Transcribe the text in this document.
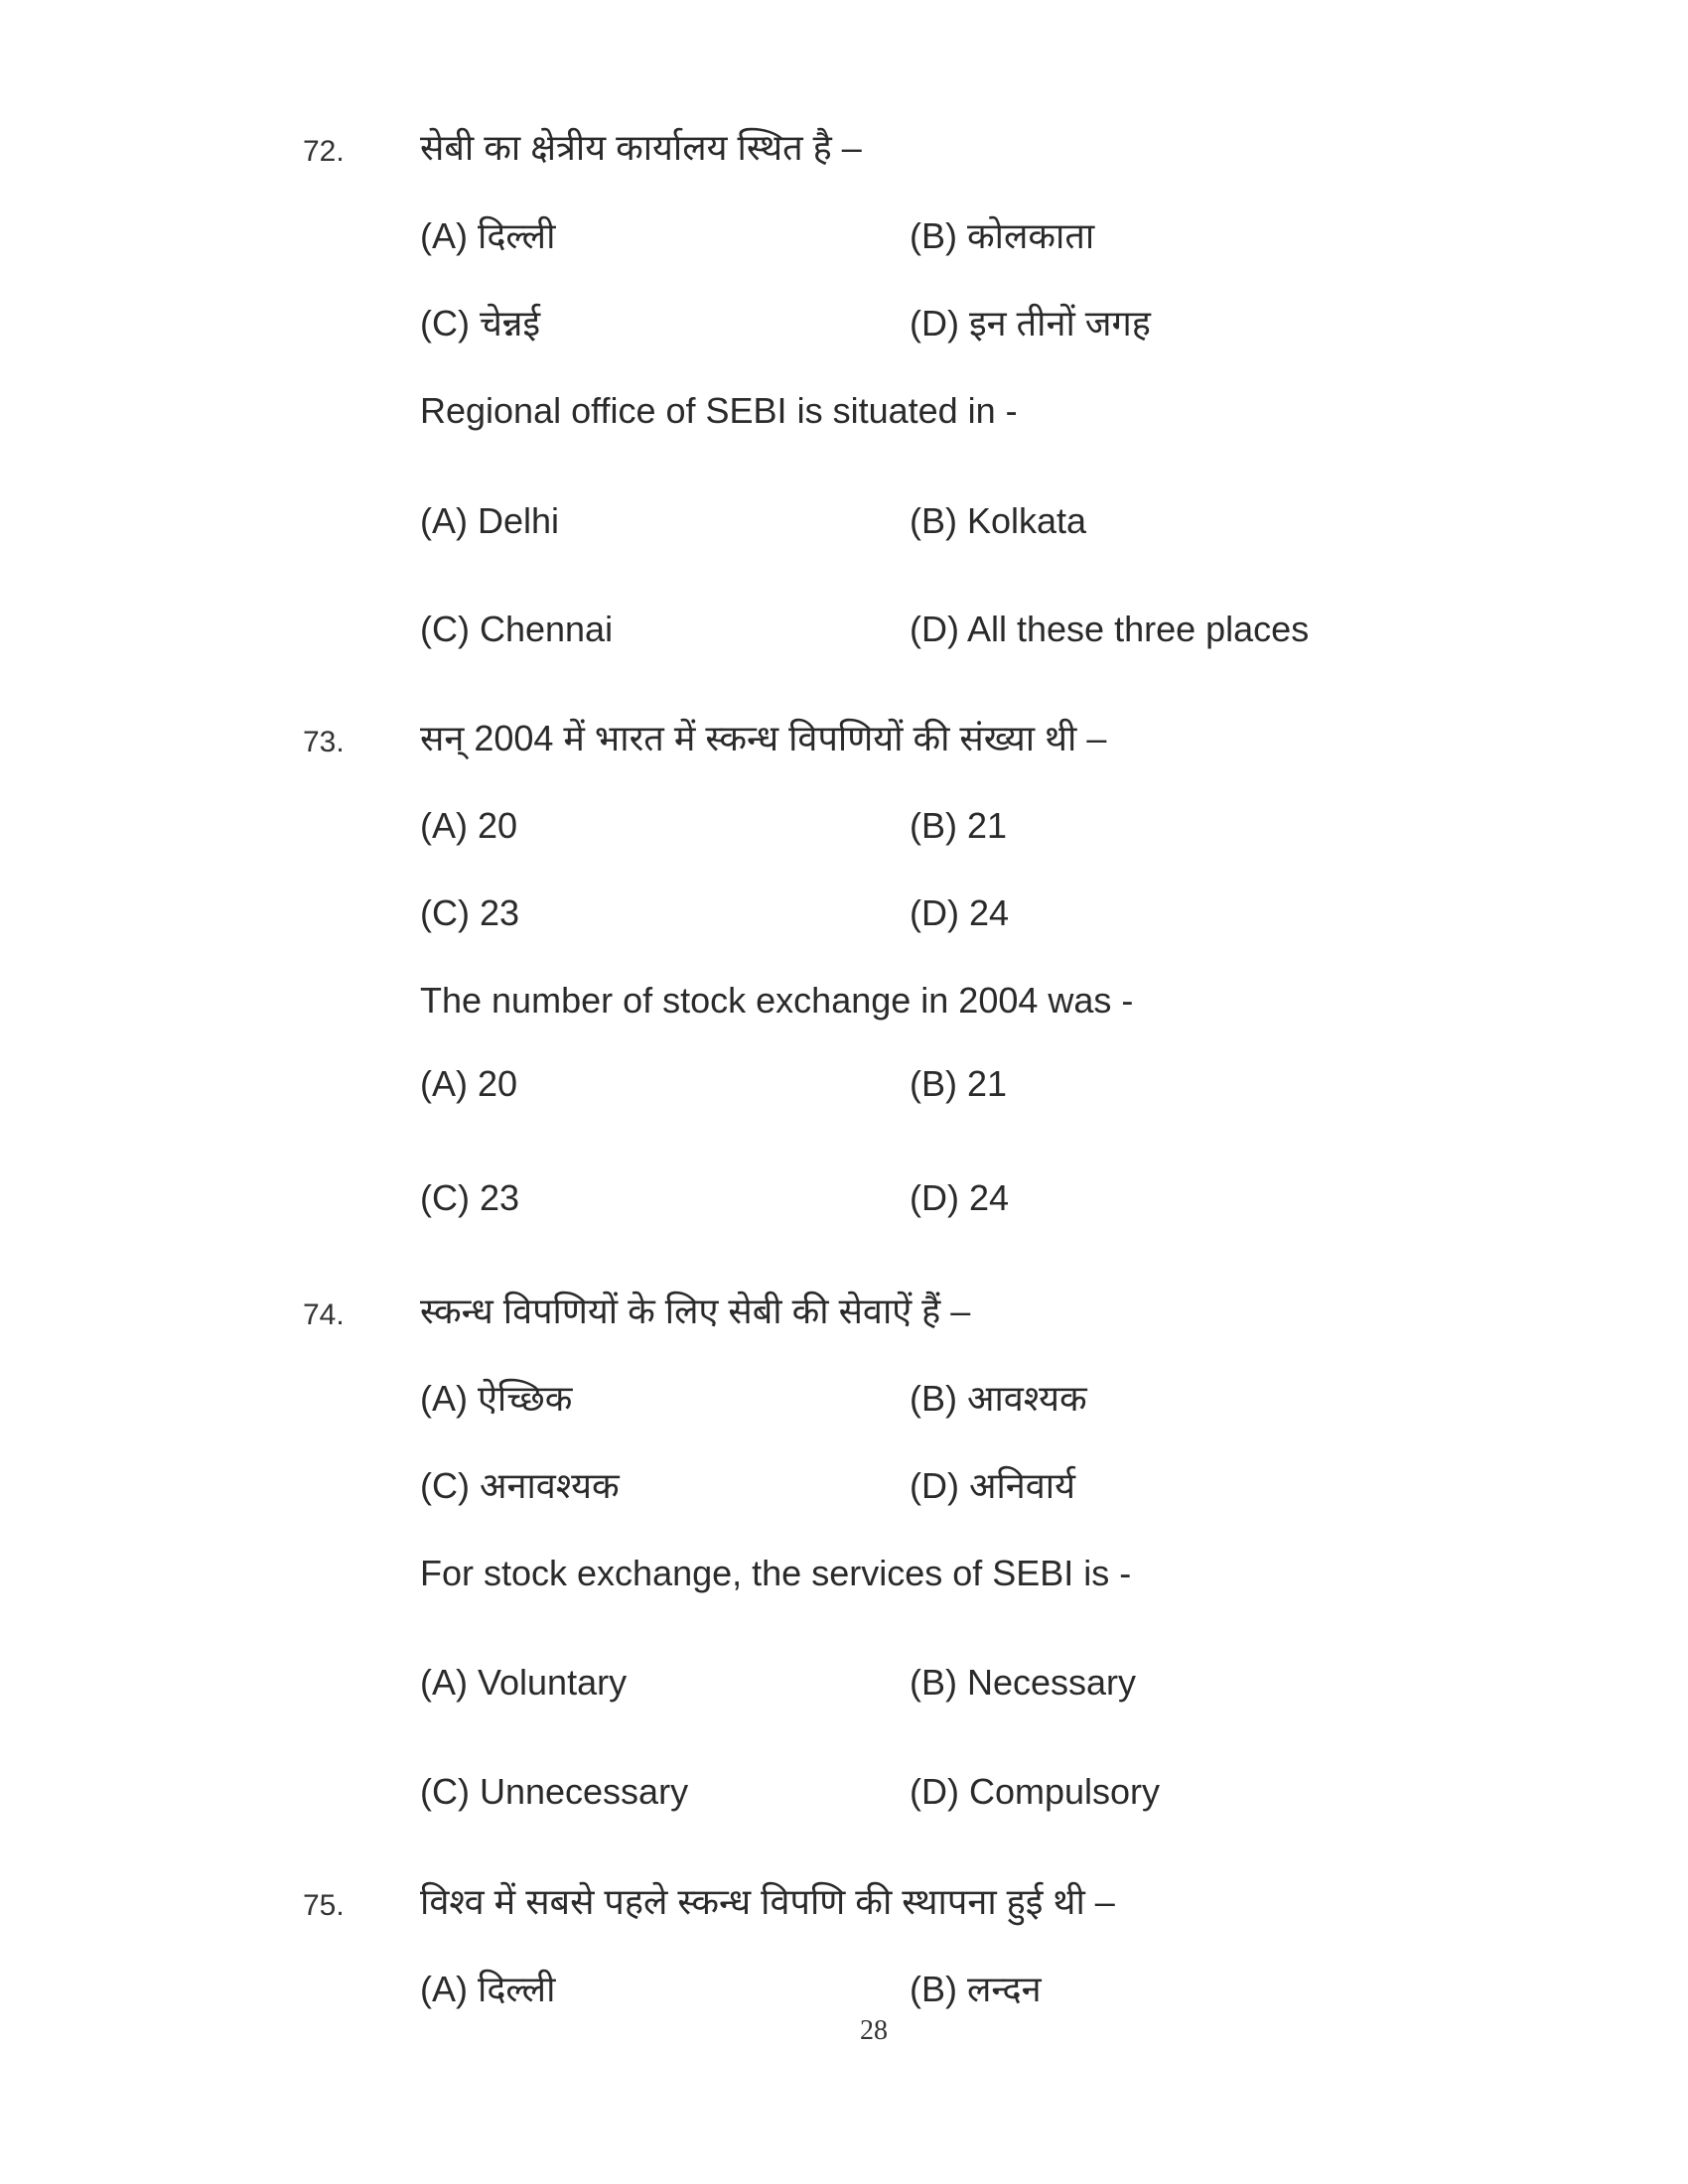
72. सेबी का क्षेत्रीय कार्यालय स्थित है –
(A) दिल्ली	(B) कोलकाता
(C) चेन्नई	(D) इन तीनों जगह
Regional office of SEBI is situated in -
(A) Delhi	(B) Kolkata
(C) Chennai	(D) All these three places
73. सन् 2004 में भारत में स्कन्ध विपणियों की संख्या थी –
(A) 20	(B) 21
(C) 23	(D) 24
The number of stock exchange in 2004 was -
(A) 20	(B) 21
(C) 23	(D) 24
74. स्कन्ध विपणियों के लिए सेबी की सेवाऐं हैं –
(A) ऐच्छिक	(B) आवश्यक
(C) अनावश्यक	(D) अनिवार्य
For stock exchange, the services of SEBI is -
(A) Voluntary	(B) Necessary
(C) Unnecessary	(D) Compulsory
75. विश्व में सबसे पहले स्कन्ध विपणि की स्थापना हुई थी –
(A) दिल्ली	(B) लन्दन
28
